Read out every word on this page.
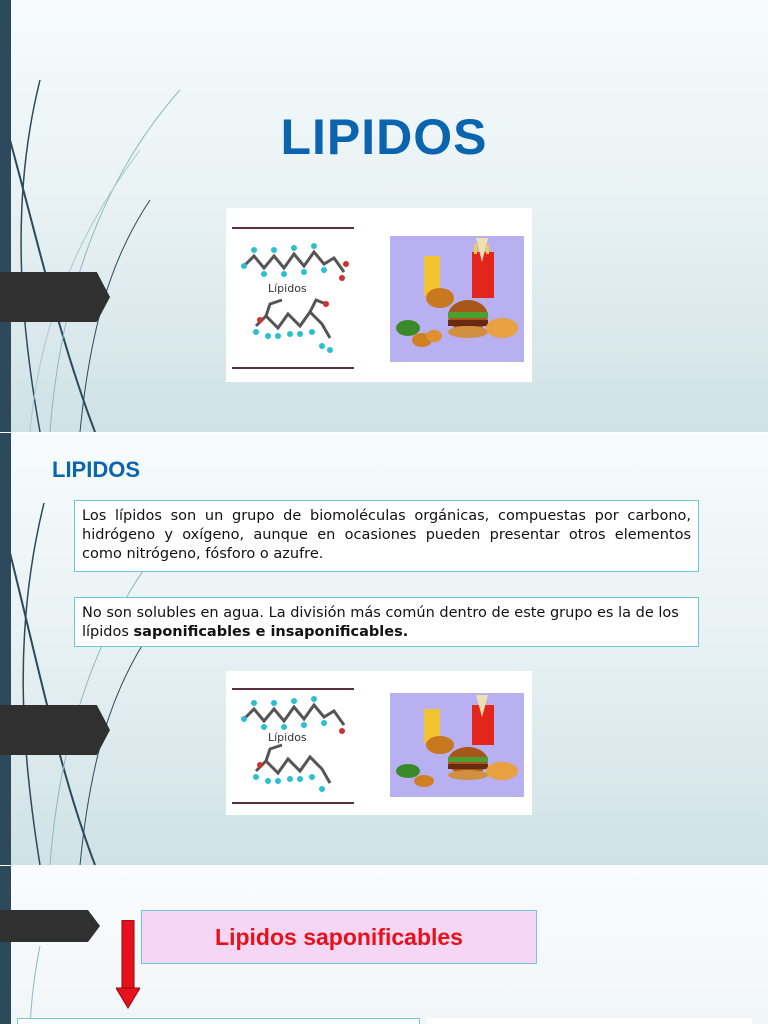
LIPIDOS
Lípidos
LIPIDOS
Los lípidos son un grupo de biomoléculas orgánicas, compuestas por carbono, hidrógeno y oxígeno, aunque en ocasiones pueden presentar otros elementos como nitrógeno, fósforo o azufre.
No son solubles en agua. La división más común dentro de este grupo es la de los lípidos saponificables e insaponificables.
Lípidos
Lipidos saponificables
